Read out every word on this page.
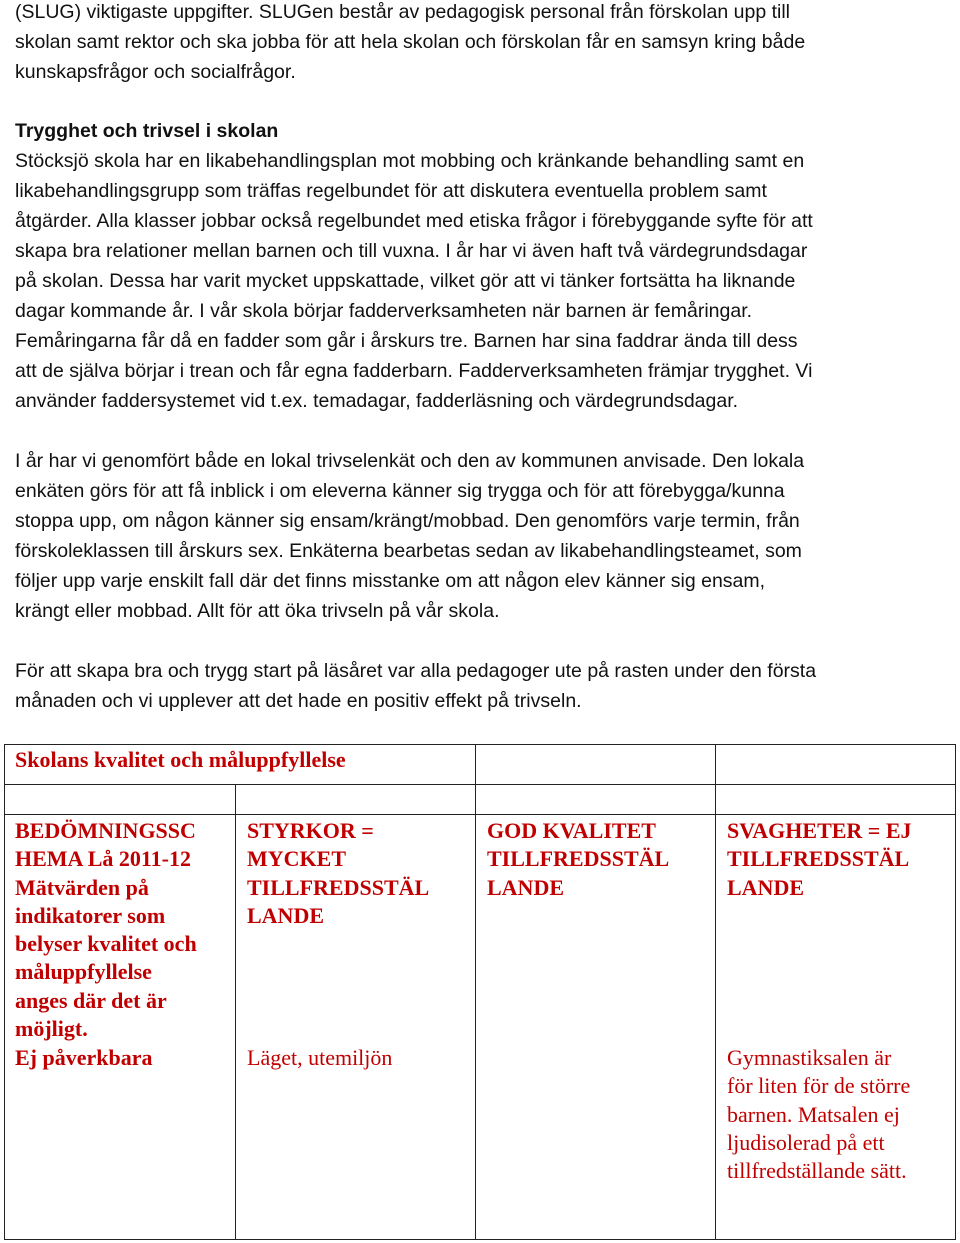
(SLUG) viktigaste uppgifter. SLUGen består av pedagogisk personal från förskolan upp till
skolan samt rektor och ska jobba för att hela skolan och förskolan får en samsyn kring både
kunskapsfrågor och socialfrågor.

Trygghet och trivsel i skolan
Stöcksjö skola har en likabehandlingsplan mot mobbing och kränkande behandling samt en
likabehandlingsgrupp som träffas regelbundet för att diskutera eventuella problem samt
åtgärder. Alla klasser jobbar också regelbundet med etiska frågor i förebyggande syfte för att
skapa bra relationer mellan barnen och till vuxna. I år har vi även haft två värdegrundsdagar
på skolan. Dessa har varit mycket uppskattade, vilket gör att vi tänker fortsätta ha liknande
dagar kommande år. I vår skola börjar fadderverksamheten när barnen är femåringar.
Femåringarna får då en fadder som går i årskurs tre. Barnen har sina faddrar ända till dess
att de själva börjar i trean och får egna fadderbarn. Fadderverksamheten främjar trygghet. Vi
använder faddersystemet vid t.ex. temadagar, fadderläsning och värdegrundsdagar.

I år har vi genomfört både en lokal trivselenkät och den av kommunen anvisade. Den lokala
enkäten görs för att få inblick i om eleverna känner sig trygga och för att förebygga/kunna
stoppa upp, om någon känner sig ensam/krängt/mobbad. Den genomförs varje termin, från
förskoleklassen till årskurs sex. Enkäterna bearbetas sedan av likabehandlingsteamet, som
följer upp varje enskilt fall där det finns misstanke om att någon elev känner sig ensam,
krängt eller mobbad. Allt för att öka trivseln på vår skola.

För att skapa bra och trygg start på läsåret var alla pedagoger ute på rasten under den första
månaden och vi upplever att det hade en positiv effekt på trivseln.

Skolans kvalitet och måluppfyllelse

BEDÖMNINGSSC
HEMA Lå 2011-12
Mätvärden på
indikatorer som
belyser kvalitet och
måluppfyllelse
anges där det är
möjligt.

STYRKOR =
MYCKET
TILLFREDSSTÄL
LANDE

GOD KVALITET
TILLFREDSSTÄL
LANDE

SVAGHETER = EJ
TILLFREDSSTÄL
LANDE

Ej påverkbara	Läget, utemiljön	Gymnastiksalen är
för liten för de större
barnen. Matsalen ej
ljudisolerad på ett
tillfredställande sätt.
